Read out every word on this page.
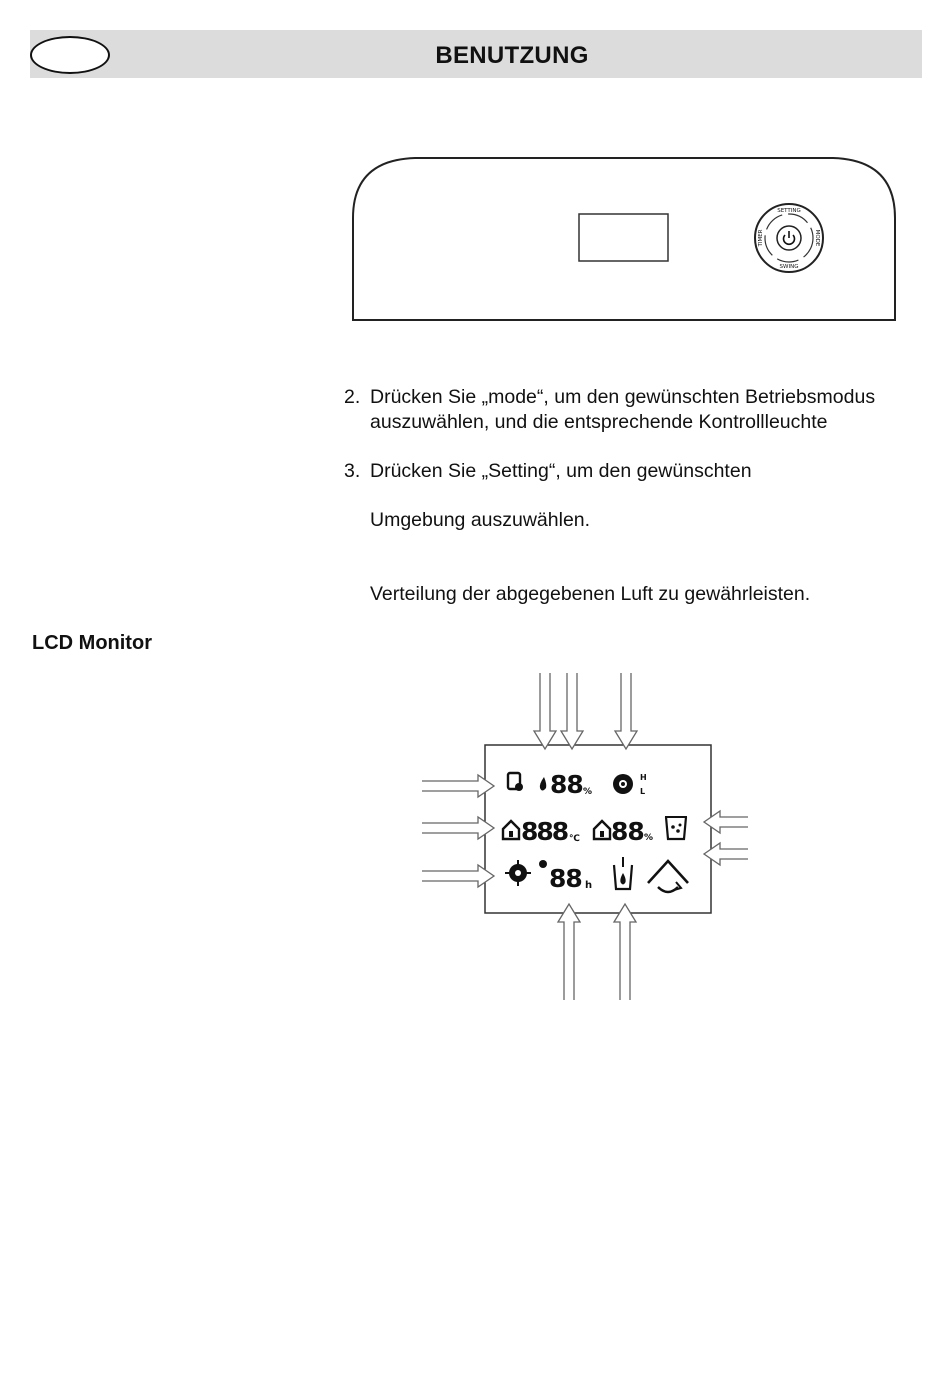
BENUTZUNG
SETTING
SWING
TIMER	MODE
2. Drücken Sie „mode“, um den gewünschten Betriebsmodus
auszuwählen, und die entsprechende Kontrollleuchte
3. Drücken Sie „Setting“, um den gewünschten
Umgebung auszuwählen.
Verteilung der abgegebenen Luft zu gewährleisten.
LCD Monitor
88 %
H
L
888 ℃ 88 %
88 h
